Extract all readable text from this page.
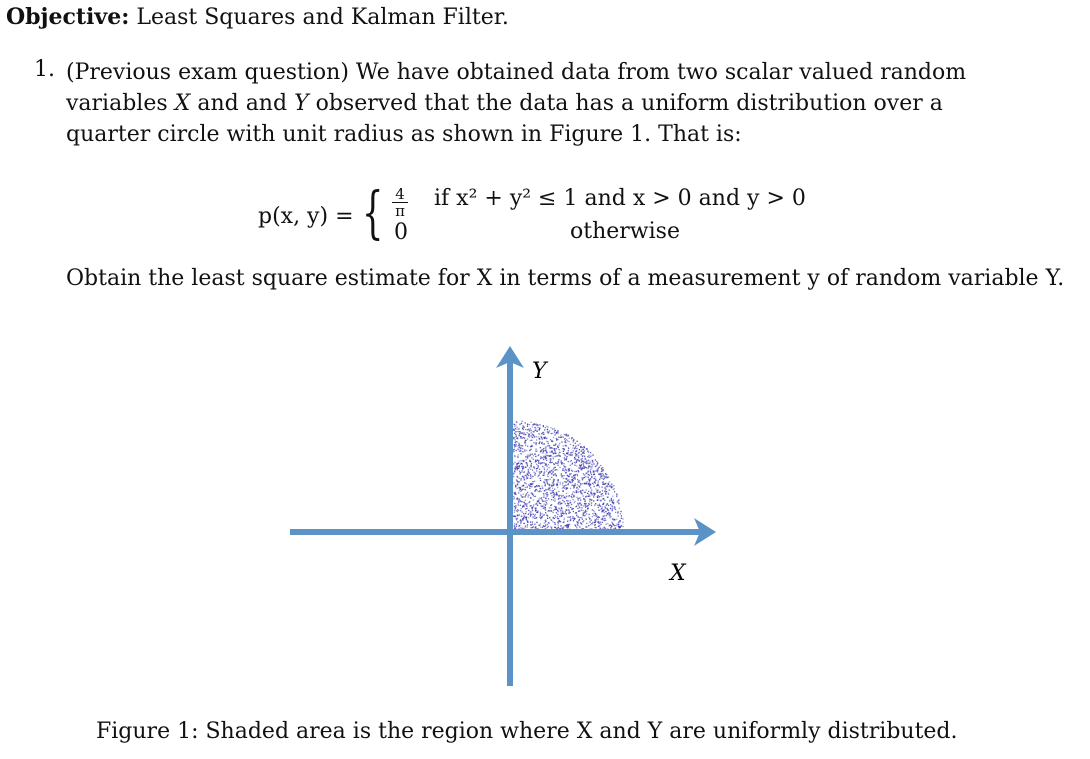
Objective: Least Squares and Kalman Filter.
1. (Previous exam question) We have obtained data from two scalar valued random variables X and and Y observed that the data has a uniform distribution over a quarter circle with unit radius as shown in Figure 1. That is:
p(x, y) = { $\frac{4}{\pi}$
0
if x² + y² ≤ 1 and x > 0 and y > 0
otherwise
Obtain the least square estimate for X in terms of a measurement y of random variable Y.
Y
X
Figure 1: Shaded area is the region where X and Y are uniformly distributed.
